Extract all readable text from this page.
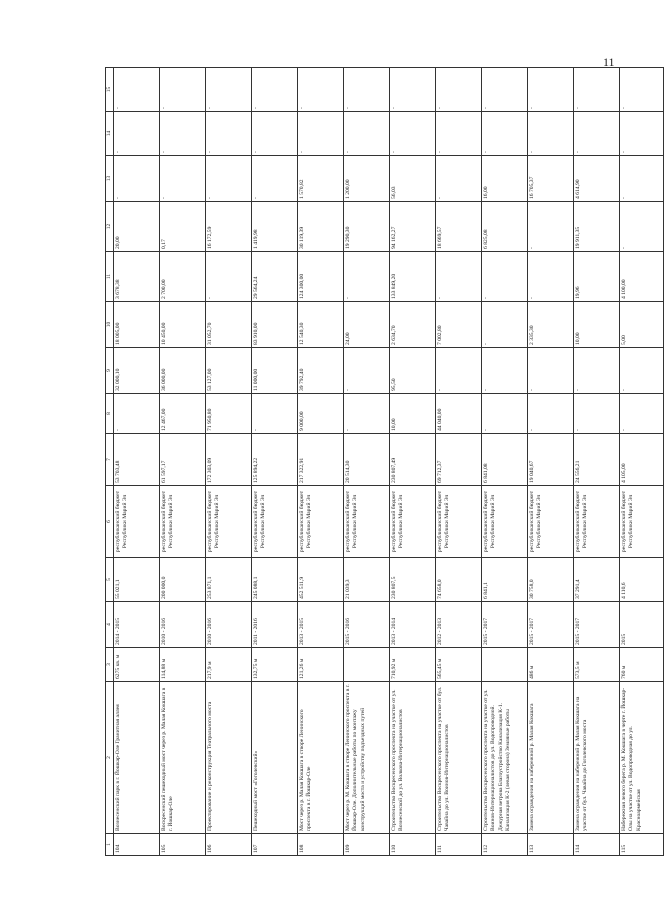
11
1	2	3	4	5	6	7	8	9	10	11	12	13	14	15
104	Вознесенский парк в г. Йошкар-Оле Гранитная аллея	6275 кв. м	2014 - 2015	55 021,1	республиканский бюджет Республики Марий Эл	53 703,48	-	32 000,10	18 005,00	3 678,38	20,00	-	-	-
105	Воскресенский пешеходный мост через р. Малая Кокшага в г. Йошкар-Оле	114,88 м	2010 - 2016	200 000,0	республиканский бюджет Республики Марий Эл	61 597,17	12 467,00	36 000,00	10 450,00	2 700,00	0,17	-	-	-
106	Проектирование и реконструкция Театрального моста	217,9 м	2010 - 2016	253 871,1	республиканский бюджет Республики Марий Эл	172 303,09	71 950,80	53 127,00	31 052,70	-	16 172,59	-	-	-
107	Пешеходный мост «Гоголевский»	132,75 м	2011 - 2016	245 088,1	республиканский бюджет Республики Марий Эл	125 894,22	-	11 000,00	83 910,00	29 564,24	1 419,98	-	-	-
108	Мост через р. Малая Кокшага в створе Ленинского проспекта в г. Йошкар-Оле	121,26 м	2013 - 2015	452 511,9	республиканский бюджет Республики Марий Эл	217 322,91	9 000,00	39 792,40	12 540,30	124 300,00	30 119,39	1 570,82	-	-
109	Мост через р. М. Кокшага в створе Ленинского проспекта в г. Йошкар-Оле. Дополнительные работы по монтажу конструкций моста и устройству подъездных путей		2015 - 2016	21 039,3	республиканский бюджет Республики Марий Эл	20 514,30	-	-	24,00	-	19 290,30	1 200,00	-	-
110	Строительство Воскресенского проспекта на участке от ул. Вознесенской до ул. Волкова-Интернационалистов	710,92 м	2013 - 2014	230 807,5	республиканский бюджет Республики Марий Эл	230 807,49	10,00	95,50	2 634,70	133 849,20	94 162,27	56,03	-	-
111	Строительство Воскресенского проспекта на участке от бул. Чавайна до ул. Воинов-Интернационалистов	565,45 м	2012 - 2013	74 658,0	республиканский бюджет Республики Марий Эл	69 712,37	44 040,00	-	7 002,80	-	18 669,57	-	-	-
112	Строительство Воскресенского проспекта на участке от ул. Воинов-Интернационалистов до ул. Водопроводной. Дежурная ветрова Благоустройство Канализация К-1. Канализация К-2 (левая сторона) Земляные работы		2015 - 2017	6 841,1	республиканский бюджет Республики Марий Эл	6 841,08	-	-	-	-	6 825,08	16,00	-	-
113	Замена ограждения на набережной р. Малая Кокшага	486 м	2015 - 2017	30 758,0	республиканский бюджет Республики Марий Эл	19 040,67	-	-	2 335,30	-	-	16 705,37	-	-
114	Замена ограждения на набережной р. Малая Кокшага на участке от бул. Чавайна до Гоголевского моста	573,5 м	2015 - 2017	37 291,4	республиканский бюджет Республики Марий Эл	24 556,21	-	-	10,00	19,96	19 911,35	4 614,90	-	-
115	Набережная левого берега р. М. Кокшага в черте г. Йошкар-Олы на участке от ул. Водопроводная до ул. Красноармейская	760 м	2015	4 110,6	республиканский бюджет Республики Марий Эл	4 105,00	-	-	5,00	4 100,00	-	-	-	-
